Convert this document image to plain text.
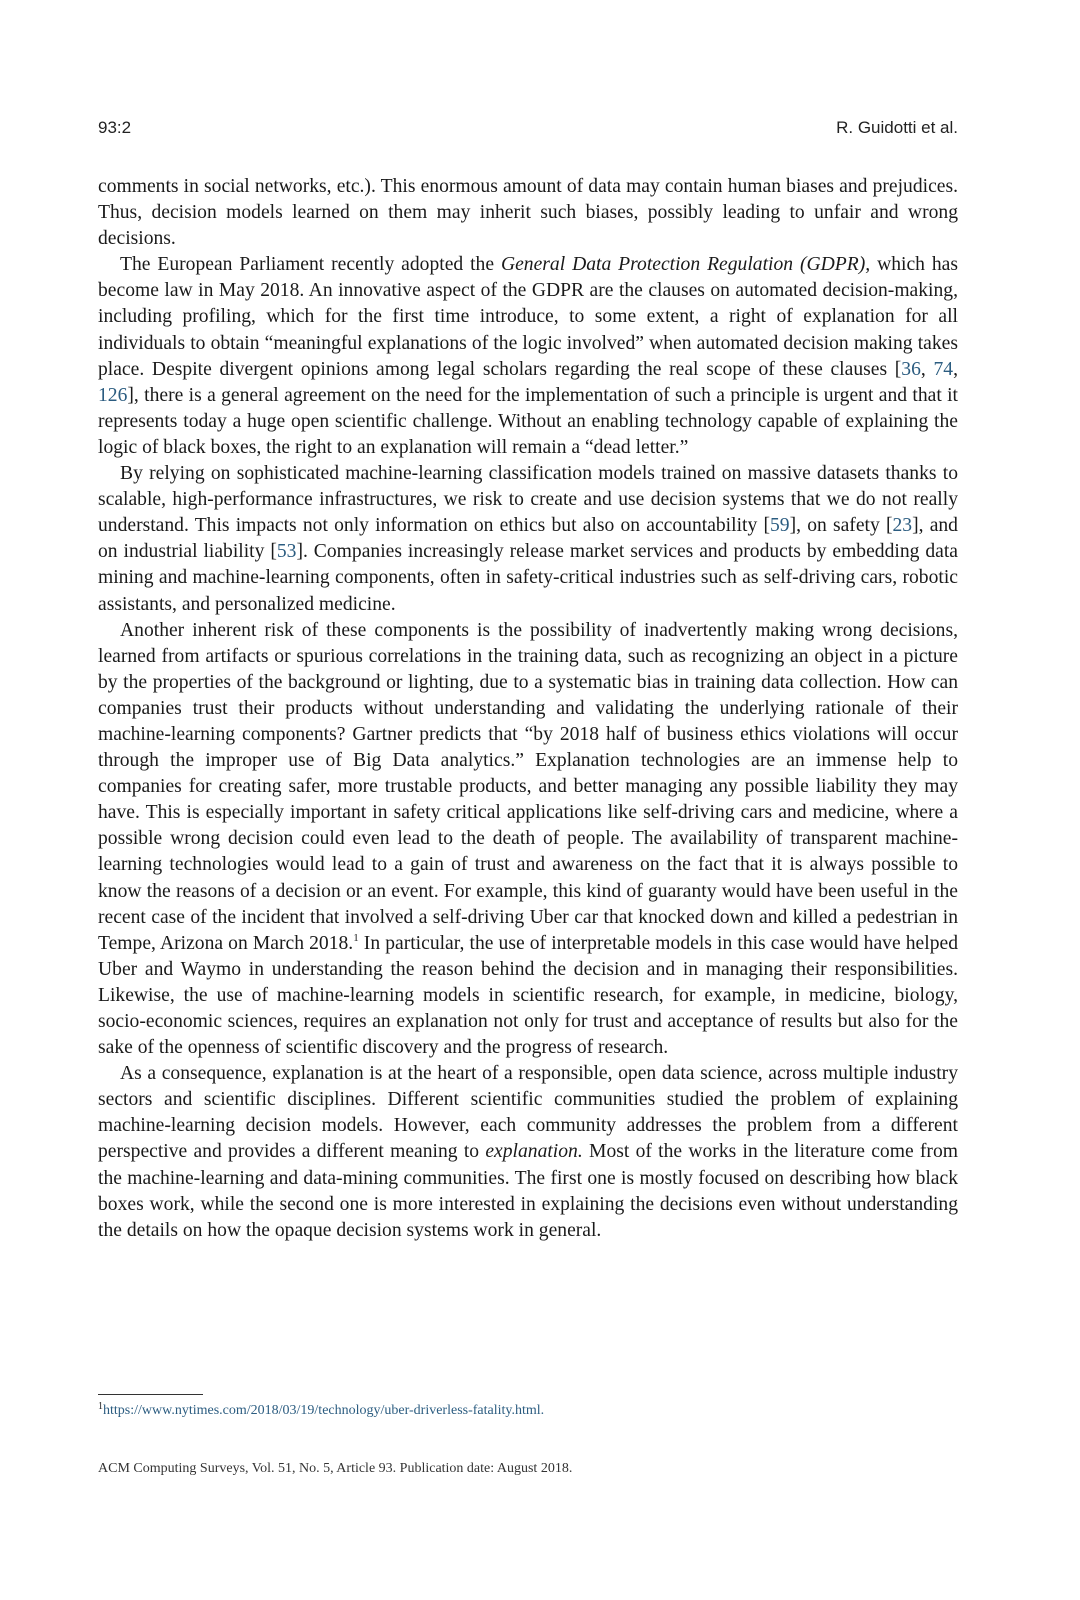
93:2	R. Guidotti et al.

comments in social networks, etc.). This enormous amount of data may contain human biases and prejudices. Thus, decision models learned on them may inherit such biases, possibly leading to unfair and wrong decisions.

The European Parliament recently adopted the General Data Protection Regulation (GDPR), which has become law in May 2018. An innovative aspect of the GDPR are the clauses on automated decision-making, including profiling, which for the first time introduce, to some extent, a right of explanation for all individuals to obtain “meaningful explanations of the logic involved” when automated decision making takes place. Despite divergent opinions among legal scholars regarding the real scope of these clauses [36, 74, 126], there is a general agreement on the need for the implementation of such a principle is urgent and that it represents today a huge open scientific challenge. Without an enabling technology capable of explaining the logic of black boxes, the right to an explanation will remain a “dead letter.”

By relying on sophisticated machine-learning classification models trained on massive datasets thanks to scalable, high-performance infrastructures, we risk to create and use decision systems that we do not really understand. This impacts not only information on ethics but also on accountability [59], on safety [23], and on industrial liability [53]. Companies increasingly release market services and products by embedding data mining and machine-learning components, often in safety-critical industries such as self-driving cars, robotic assistants, and personalized medicine.

Another inherent risk of these components is the possibility of inadvertently making wrong decisions, learned from artifacts or spurious correlations in the training data, such as recognizing an object in a picture by the properties of the background or lighting, due to a systematic bias in training data collection. How can companies trust their products without understanding and validating the underlying rationale of their machine-learning components? Gartner predicts that “by 2018 half of business ethics violations will occur through the improper use of Big Data analytics.” Explanation technologies are an immense help to companies for creating safer, more trustable products, and better managing any possible liability they may have. This is especially important in safety critical applications like self-driving cars and medicine, where a possible wrong decision could even lead to the death of people. The availability of transparent machine-learning technologies would lead to a gain of trust and awareness on the fact that it is always possible to know the reasons of a decision or an event. For example, this kind of guaranty would have been useful in the recent case of the incident that involved a self-driving Uber car that knocked down and killed a pedestrian in Tempe, Arizona on March 2018.$^1$ In particular, the use of interpretable models in this case would have helped Uber and Waymo in understanding the reason behind the decision and in managing their responsibilities. Likewise, the use of machine-learning models in scientific research, for example, in medicine, biology, socio-economic sciences, requires an explanation not only for trust and acceptance of results but also for the sake of the openness of scientific discovery and the progress of research.

As a consequence, explanation is at the heart of a responsible, open data science, across multiple industry sectors and scientific disciplines. Different scientific communities studied the problem of explaining machine-learning decision models. However, each community addresses the problem from a different perspective and provides a different meaning to explanation. Most of the works in the literature come from the machine-learning and data-mining communities. The first one is mostly focused on describing how black boxes work, while the second one is more interested in explaining the decisions even without understanding the details on how the opaque decision systems work in general.

$^1$https://www.nytimes.com/2018/03/19/technology/uber-driverless-fatality.html.
ACM Computing Surveys, Vol. 51, No. 5, Article 93. Publication date: August 2018.
